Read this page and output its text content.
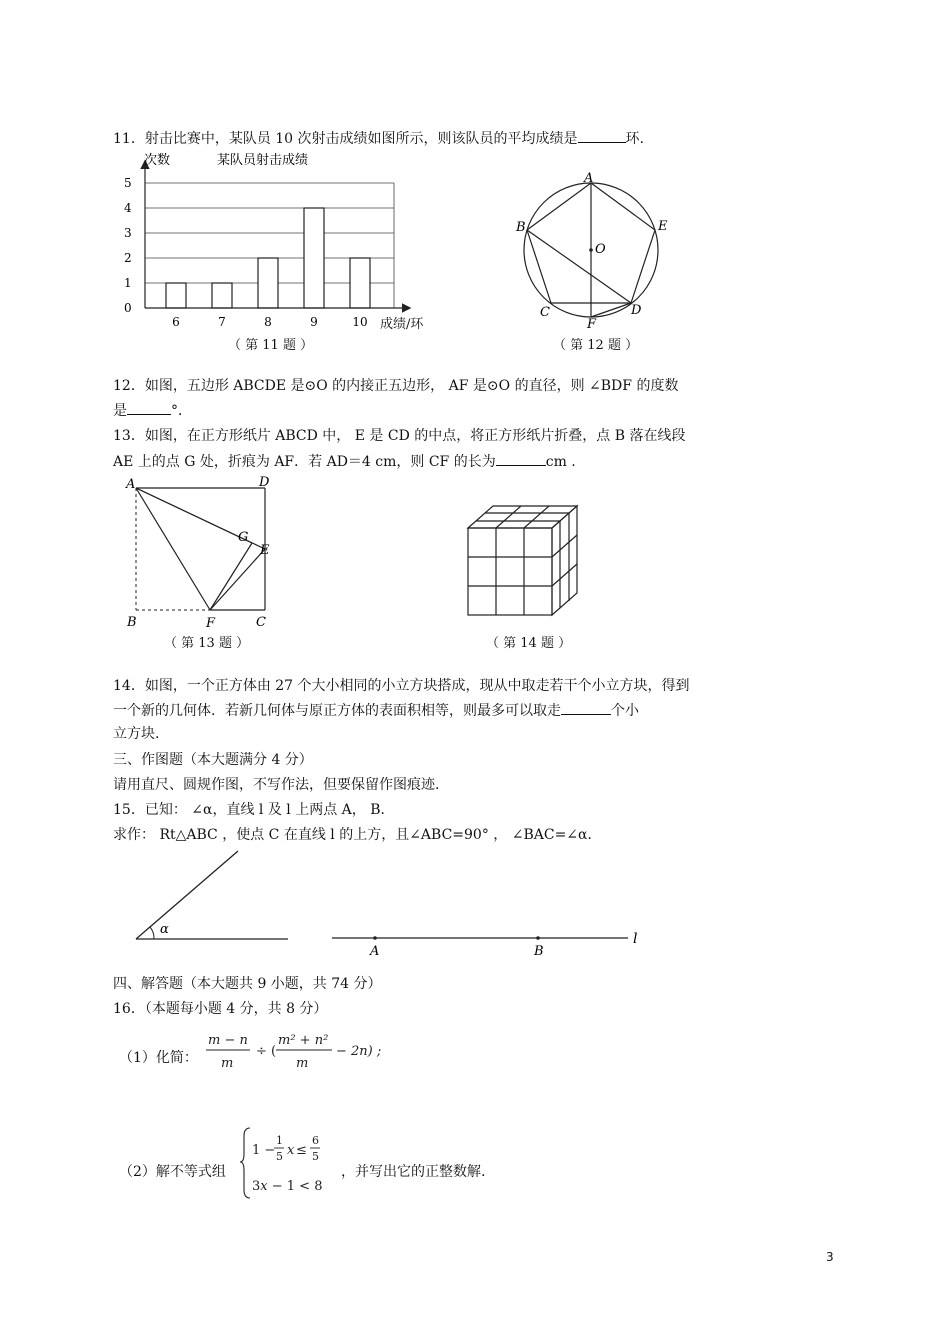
11．射击比赛中，某队员 10 次射击成绩如图所示，则该队员的平均成绩是	环.
0
1
2
3
4
5
6	7	8	9	10
次数	某队员射击成绩
成绩/环
（ 第 11 题 ）
A
B	E
O
C	D
F
（ 第 12 题 ）
12．如图，五边形 ABCDE 是⊙O 的内接正五边形， AF 是⊙O 的直径，则 ∠BDF 的度数
是	°．
13．如图，在正方形纸片 ABCD 中， E 是 CD 的中点，将正方形纸片折叠，点 B 落在线段
AE 上的点 G 处，折痕为 AF．若 AD＝4 cm，则 CF 的长为	cm .
A	D
G
E
B	F	C
（ 第 13 题 ）	（ 第 14 题 ）
14．如图，一个正方体由 27 个大小相同的小立方块搭成，现从中取走若干个小立方块，得到
一个新的几何体．若新几何体与原正方体的表面积相等，则最多可以取走	个小
立方块.
三、作图题（本大题满分 4 分）
请用直尺、圆规作图，不写作法，但要保留作图痕迹.
15．已知： ∠α，直线 l 及 l 上两点 A， B．
求作： Rt△ABC ，使点 C 在直线 l 的上方，且∠ABC=90° ， ∠BAC=∠α．
α
A	B
l
四、解答题（本大题共 9 小题，共 74 分）
16．（本题每小题 4 分，共 8 分）
（1）化简：
m − n
m
÷ (
m² + n²
m
− 2n) ;
（2）解不等式组
1 −
1
5 x ≤
6
5
3x − 1 < 8
，并写出它的正整数解.
3
